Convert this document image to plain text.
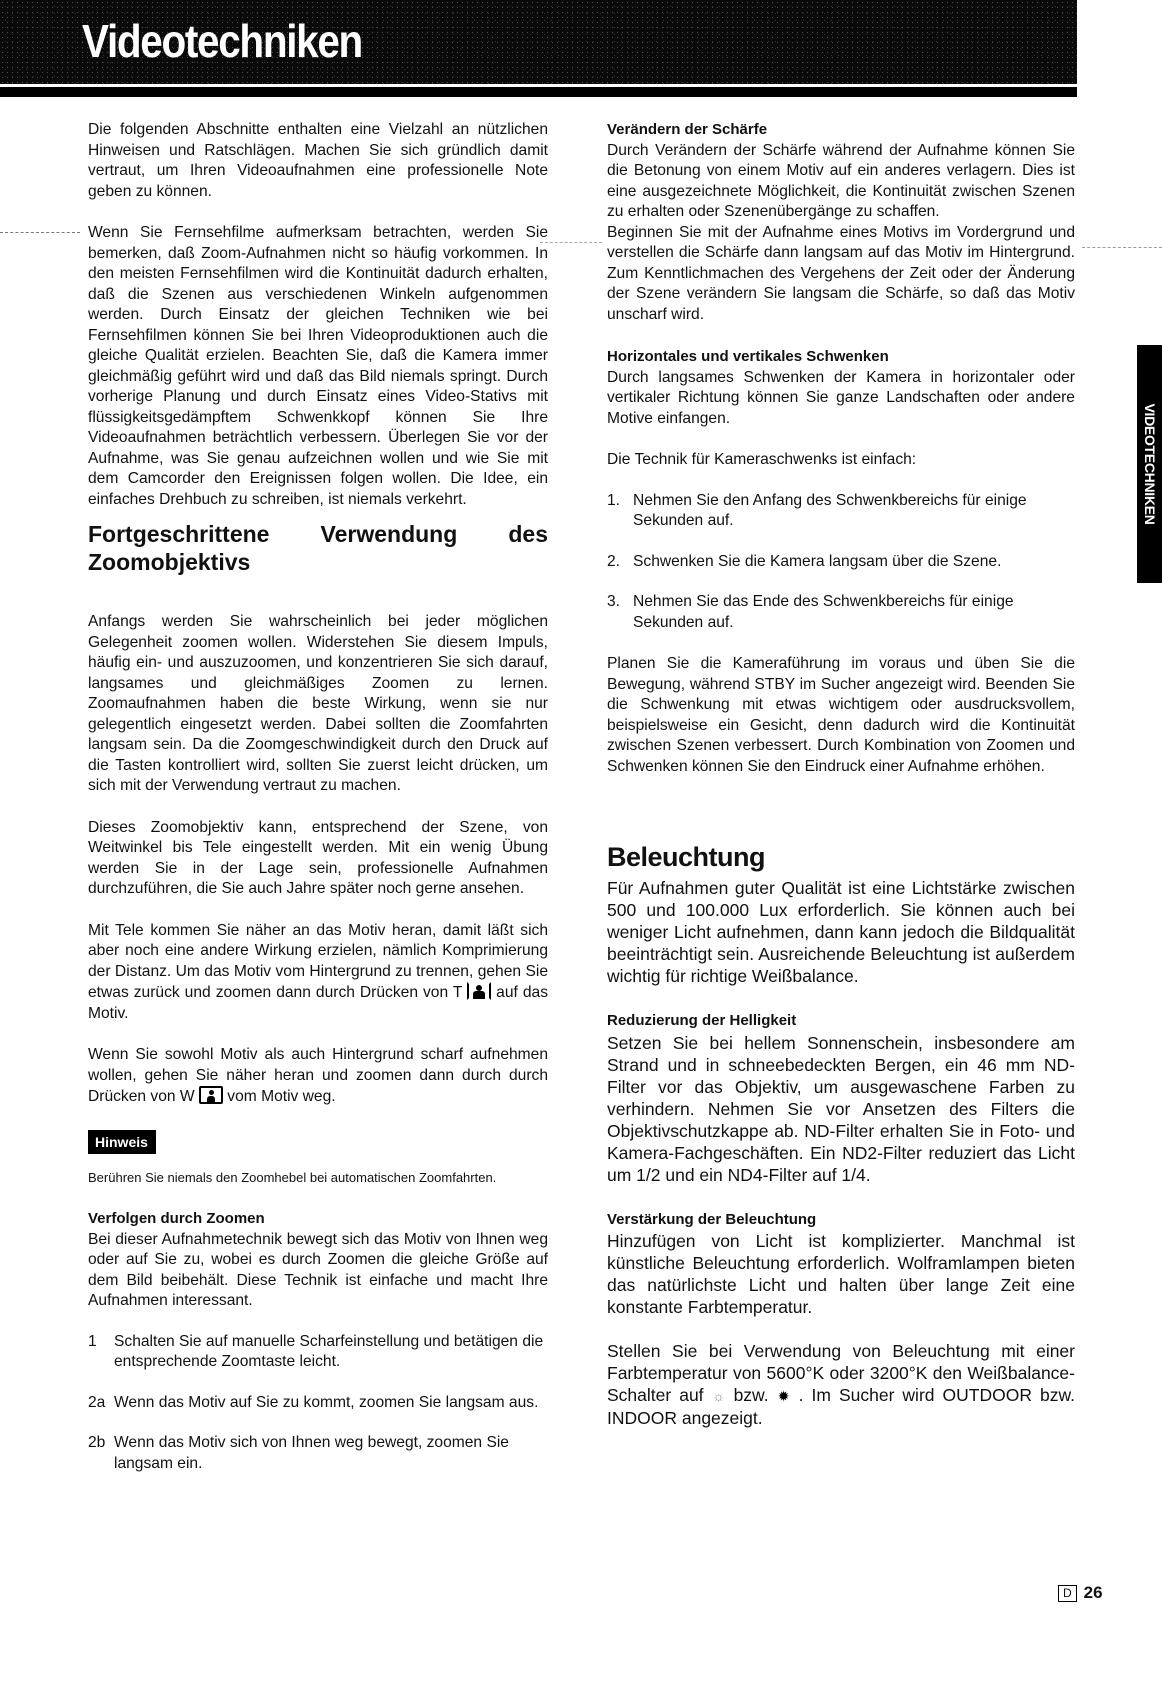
Videotechniken
VIDEOTECHNIKEN

Die folgenden Abschnitte enthalten eine Vielzahl an nützlichen Hinweisen und Ratschlägen. Machen Sie sich gründlich damit vertraut, um Ihren Videoaufnahmen eine professionelle Note geben zu können.

Wenn Sie Fernsehfilme aufmerksam betrachten, werden Sie bemerken, daß Zoom-Aufnahmen nicht so häufig vorkommen. In den meisten Fernsehfilmen wird die Kontinuität dadurch erhalten, daß die Szenen aus verschiedenen Winkeln aufgenommen werden. Durch Einsatz der gleichen Techniken wie bei Fernsehfilmen können Sie bei Ihren Videoproduktionen auch die gleiche Qualität erzielen. Beachten Sie, daß die Kamera immer gleichmäßig geführt wird und daß das Bild niemals springt. Durch vorherige Planung und durch Einsatz eines Video-Stativs mit flüssigkeitsgedämpftem Schwenkkopf können Sie Ihre Videoaufnahmen beträchtlich verbessern. Überlegen Sie vor der Aufnahme, was Sie genau aufzeichnen wollen und wie Sie mit dem Camcorder den Ereignissen folgen wollen. Die Idee, ein einfaches Drehbuch zu schreiben, ist niemals verkehrt.

Fortgeschrittene Verwendung des Zoomobjektivs

Anfangs werden Sie wahrscheinlich bei jeder möglichen Gelegenheit zoomen wollen. Widerstehen Sie diesem Impuls, häufig ein- und auszuzoomen, und konzentrieren Sie sich darauf, langsames und gleichmäßiges Zoomen zu lernen. Zoomaufnahmen haben die beste Wirkung, wenn sie nur gelegentlich eingesetzt werden. Dabei sollten die Zoomfahrten langsam sein. Da die Zoomgeschwindigkeit durch den Druck auf die Tasten kontrolliert wird, sollten Sie zuerst leicht drücken, um sich mit der Verwendung vertraut zu machen.

Dieses Zoomobjektiv kann, entsprechend der Szene, von Weitwinkel bis Tele eingestellt werden. Mit ein wenig Übung werden Sie in der Lage sein, professionelle Aufnahmen durchzuführen, die Sie auch Jahre später noch gerne ansehen.

Mit Tele kommen Sie näher an das Motiv heran, damit läßt sich aber noch eine andere Wirkung erzielen, nämlich Komprimierung der Distanz. Um das Motiv vom Hintergrund zu trennen, gehen Sie etwas zurück und zoomen dann durch Drücken von T auf das Motiv.

Wenn Sie sowohl Motiv als auch Hintergrund scharf aufnehmen wollen, gehen Sie näher heran und zoomen dann durch durch Drücken von W vom Motiv weg.

Hinweis

Berühren Sie niemals den Zoomhebel bei automatischen Zoomfahrten.

Verfolgen durch Zoomen

Bei dieser Aufnahmetechnik bewegt sich das Motiv von Ihnen weg oder auf Sie zu, wobei es durch Zoomen die gleiche Größe auf dem Bild beibehält. Diese Technik ist einfache und macht Ihre Aufnahmen interessant.

1	Schalten Sie auf manuelle Scharfeinstellung und betätigen die entsprechende Zoomtaste leicht.
2a Wenn das Motiv auf Sie zu kommt, zoomen Sie langsam aus.
2b Wenn das Motiv sich von Ihnen weg bewegt, zoomen Sie langsam ein.
Verändern der Schärfe

Durch Verändern der Schärfe während der Aufnahme können Sie die Betonung von einem Motiv auf ein anderes verlagern. Dies ist eine ausgezeichnete Möglichkeit, die Kontinuität zwischen Szenen zu erhalten oder Szenenübergänge zu schaffen.

Beginnen Sie mit der Aufnahme eines Motivs im Vordergrund und verstellen die Schärfe dann langsam auf das Motiv im Hintergrund. Zum Kenntlichmachen des Vergehens der Zeit oder der Änderung der Szene verändern Sie langsam die Schärfe, so daß das Motiv unscharf wird.

Horizontales und vertikales Schwenken

Durch langsames Schwenken der Kamera in horizontaler oder vertikaler Richtung können Sie ganze Landschaften oder andere Motive einfangen.

Die Technik für Kameraschwenks ist einfach:

1. Nehmen Sie den Anfang des Schwenkbereichs für einige Sekunden auf.
2. Schwenken Sie die Kamera langsam über die Szene.
3. Nehmen Sie das Ende des Schwenkbereichs für einige Sekunden auf.

Planen Sie die Kameraführung im voraus und üben Sie die Bewegung, während STBY im Sucher angezeigt wird. Beenden Sie die Schwenkung mit etwas wichtigem oder ausdrucksvollem, beispielsweise ein Gesicht, denn dadurch wird die Kontinuität zwischen Szenen verbessert. Durch Kombination von Zoomen und Schwenken können Sie den Eindruck einer Aufnahme erhöhen.

Beleuchtung

Für Aufnahmen guter Qualität ist eine Lichtstärke zwischen 500 und 100.000 Lux erforderlich. Sie können auch bei weniger Licht aufnehmen, dann kann jedoch die Bildqualität beeinträchtigt sein. Ausreichende Beleuchtung ist außerdem wichtig für richtige Weißbalance.

Reduzierung der Helligkeit

Setzen Sie bei hellem Sonnenschein, insbesondere am Strand und in schneebedeckten Bergen, ein 46 mm ND-Filter vor das Objektiv, um ausgewaschene Farben zu verhindern. Nehmen Sie vor Ansetzen des Filters die Objektivschutzkappe ab. ND-Filter erhalten Sie in Foto- und Kamera-Fachgeschäften. Ein ND2-Filter reduziert das Licht um 1/2 und ein ND4-Filter auf 1/4.

Verstärkung der Beleuchtung

Hinzufügen von Licht ist komplizierter. Manchmal ist künstliche Beleuchtung erforderlich. Wolframlampen bieten das natürlichste Licht und halten über lange Zeit eine konstante Farbtemperatur.

Stellen Sie bei Verwendung von Beleuchtung mit einer Farbtemperatur von 5600°K oder 3200°K den Weißbalance-Schalter auf ☼ bzw. ✹ . Im Sucher wird OUTDOOR bzw. INDOOR angezeigt.

D 26
